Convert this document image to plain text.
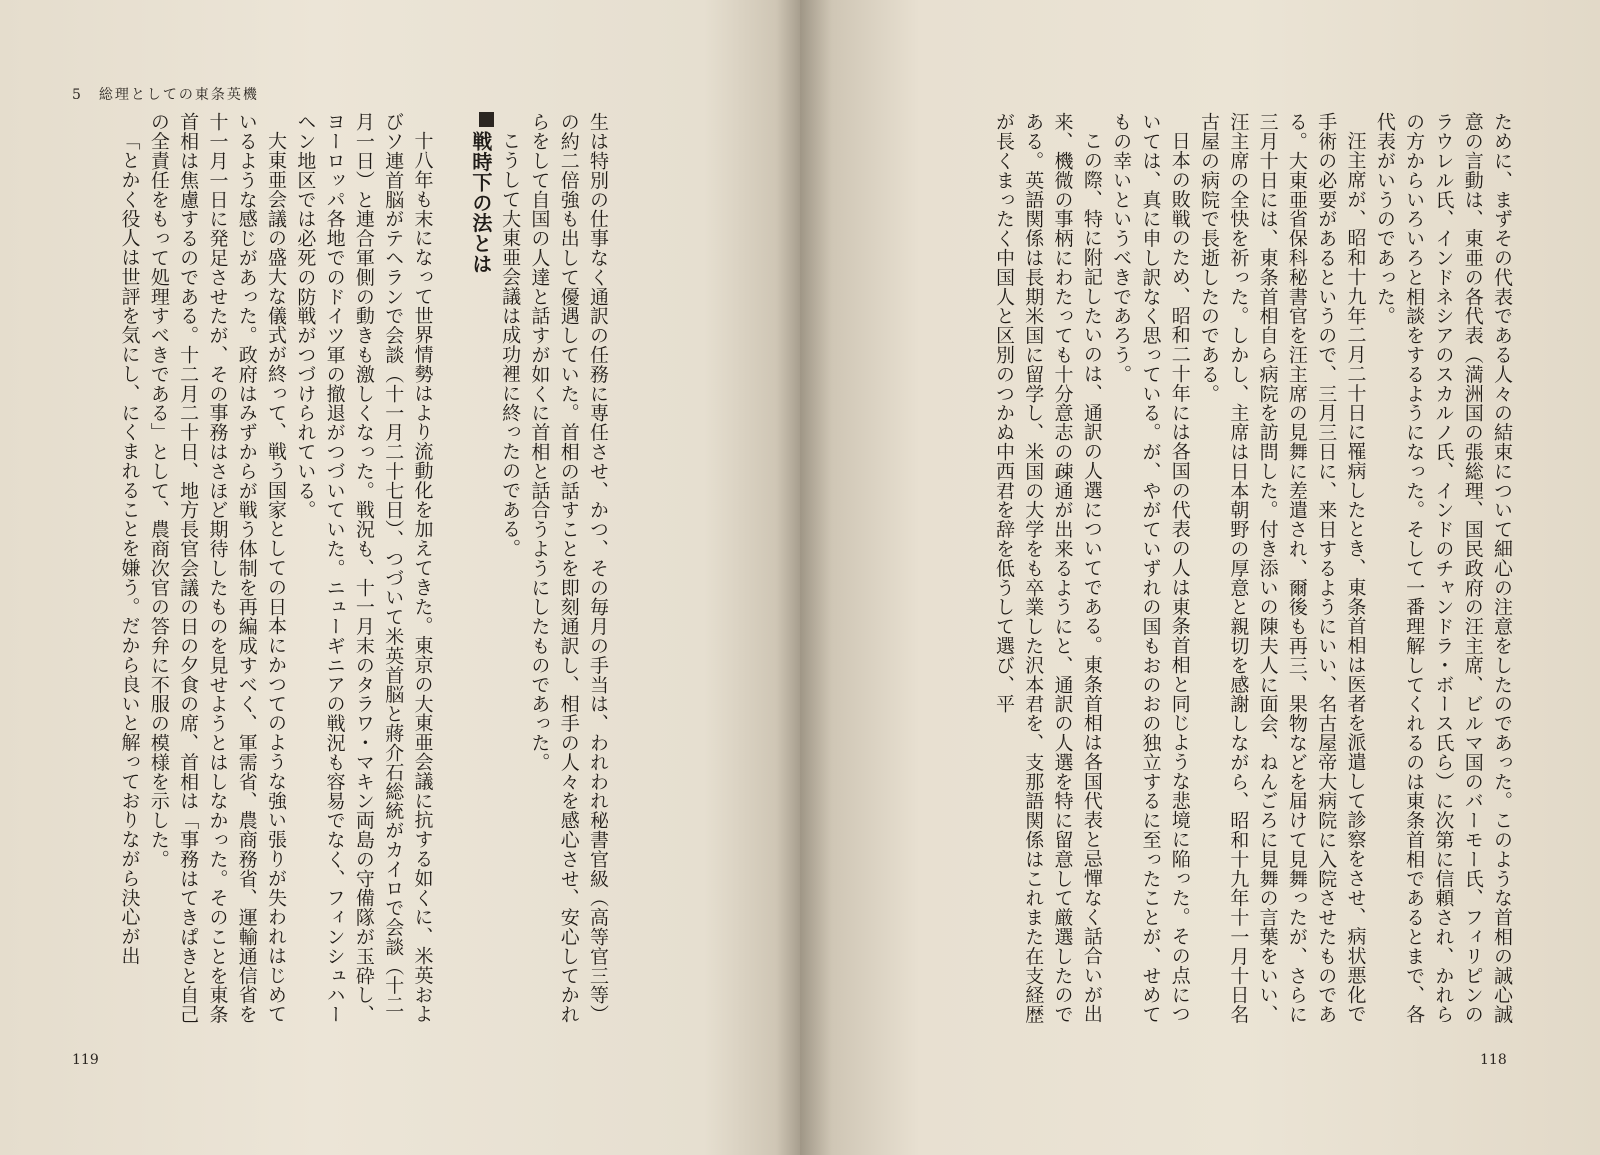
5　総理としての東条英機

生は特別の仕事なく通訳の任務に専任させ、かつ、その毎月の手当は、われわれ秘書官級（高等官三等）の約二倍強も出して優遇していた。首相の話すことを即刻通訳し、相手の人々を感心させ、安心してかれらをして自国の人達と話すが如くに首相と話合うようにしたものであった。

こうして大東亜会議は成功裡に終ったのである。

戦時下の法とは

十八年も末になって世界情勢はより流動化を加えてきた。東京の大東亜会議に抗する如くに、米英およびソ連首脳がテヘランで会談（十一月二十七日）、つづいて米英首脳と蔣介石総統がカイロで会談（十二月一日）と連合軍側の動きも激しくなった。戦況も、十一月末のタラワ・マキン両島の守備隊が玉砕し、ヨーロッパ各地でのドイツ軍の撤退がつづいていた。ニューギニアの戦況も容易でなく、フィンシュハーヘン地区では必死の防戦がつづけられている。

大東亜会議の盛大な儀式が終って、戦う国家としての日本にかつてのような強い張りが失われはじめているような感じがあった。政府はみずからが戦う体制を再編成すべく、軍需省、農商務省、運輸通信省を十一月一日に発足させたが、その事務はさほど期待したものを見せようとはしなかった。そのことを東条首相は焦慮するのである。十二月二十日、地方長官会議の日の夕食の席、首相は「事務はてきぱきと自己の全責任をもって処理すべきである」として、農商次官の答弁に不服の模様を示した。

「とかく役人は世評を気にし、にくまれることを嫌う。だから良いと解っておりながら決心が出

119

ために、まずその代表である人々の結束について細心の注意をしたのであった。このような首相の誠心誠意の言動は、東亜の各代表（満洲国の張総理、国民政府の汪主席、ビルマ国のバーモー氏、フィリピンのラウレル氏、インドネシアのスカルノ氏、インドのチャンドラ・ボース氏ら）に次第に信頼され、かれらの方からいろいろと相談をするようになった。そして一番理解してくれるのは東条首相であるとまで、各代表がいうのであった。

汪主席が、昭和十九年二月二十日に罹病したとき、東条首相は医者を派遣して診察をさせ、病状悪化で手術の必要があるというので、三月三日に、来日するようにいい、名古屋帝大病院に入院させたものである。大東亜省保科秘書官を汪主席の見舞に差遣され、爾後も再三、果物などを届けて見舞ったが、さらに三月十日には、東条首相自ら病院を訪問した。付き添いの陳夫人に面会、ねんごろに見舞の言葉をいい、汪主席の全快を祈った。しかし、主席は日本朝野の厚意と親切を感謝しながら、昭和十九年十一月十日名古屋の病院で長逝したのである。

日本の敗戦のため、昭和二十年には各国の代表の人は東条首相と同じような悲境に陥った。その点については、真に申し訳なく思っている。が、やがていずれの国もおのおの独立するに至ったことが、せめてもの幸いというべきであろう。

この際、特に附記したいのは、通訳の人選についてである。東条首相は各国代表と忌憚なく話合いが出来、機微の事柄にわたっても十分意志の疎通が出来るようにと、通訳の人選を特に留意して厳選したのである。英語関係は長期米国に留学し、米国の大学をも卒業した沢本君を、支那語関係はこれまた在支経歴が長くまったく中国人と区別のつかぬ中西君を辞を低うして選び、平

118
